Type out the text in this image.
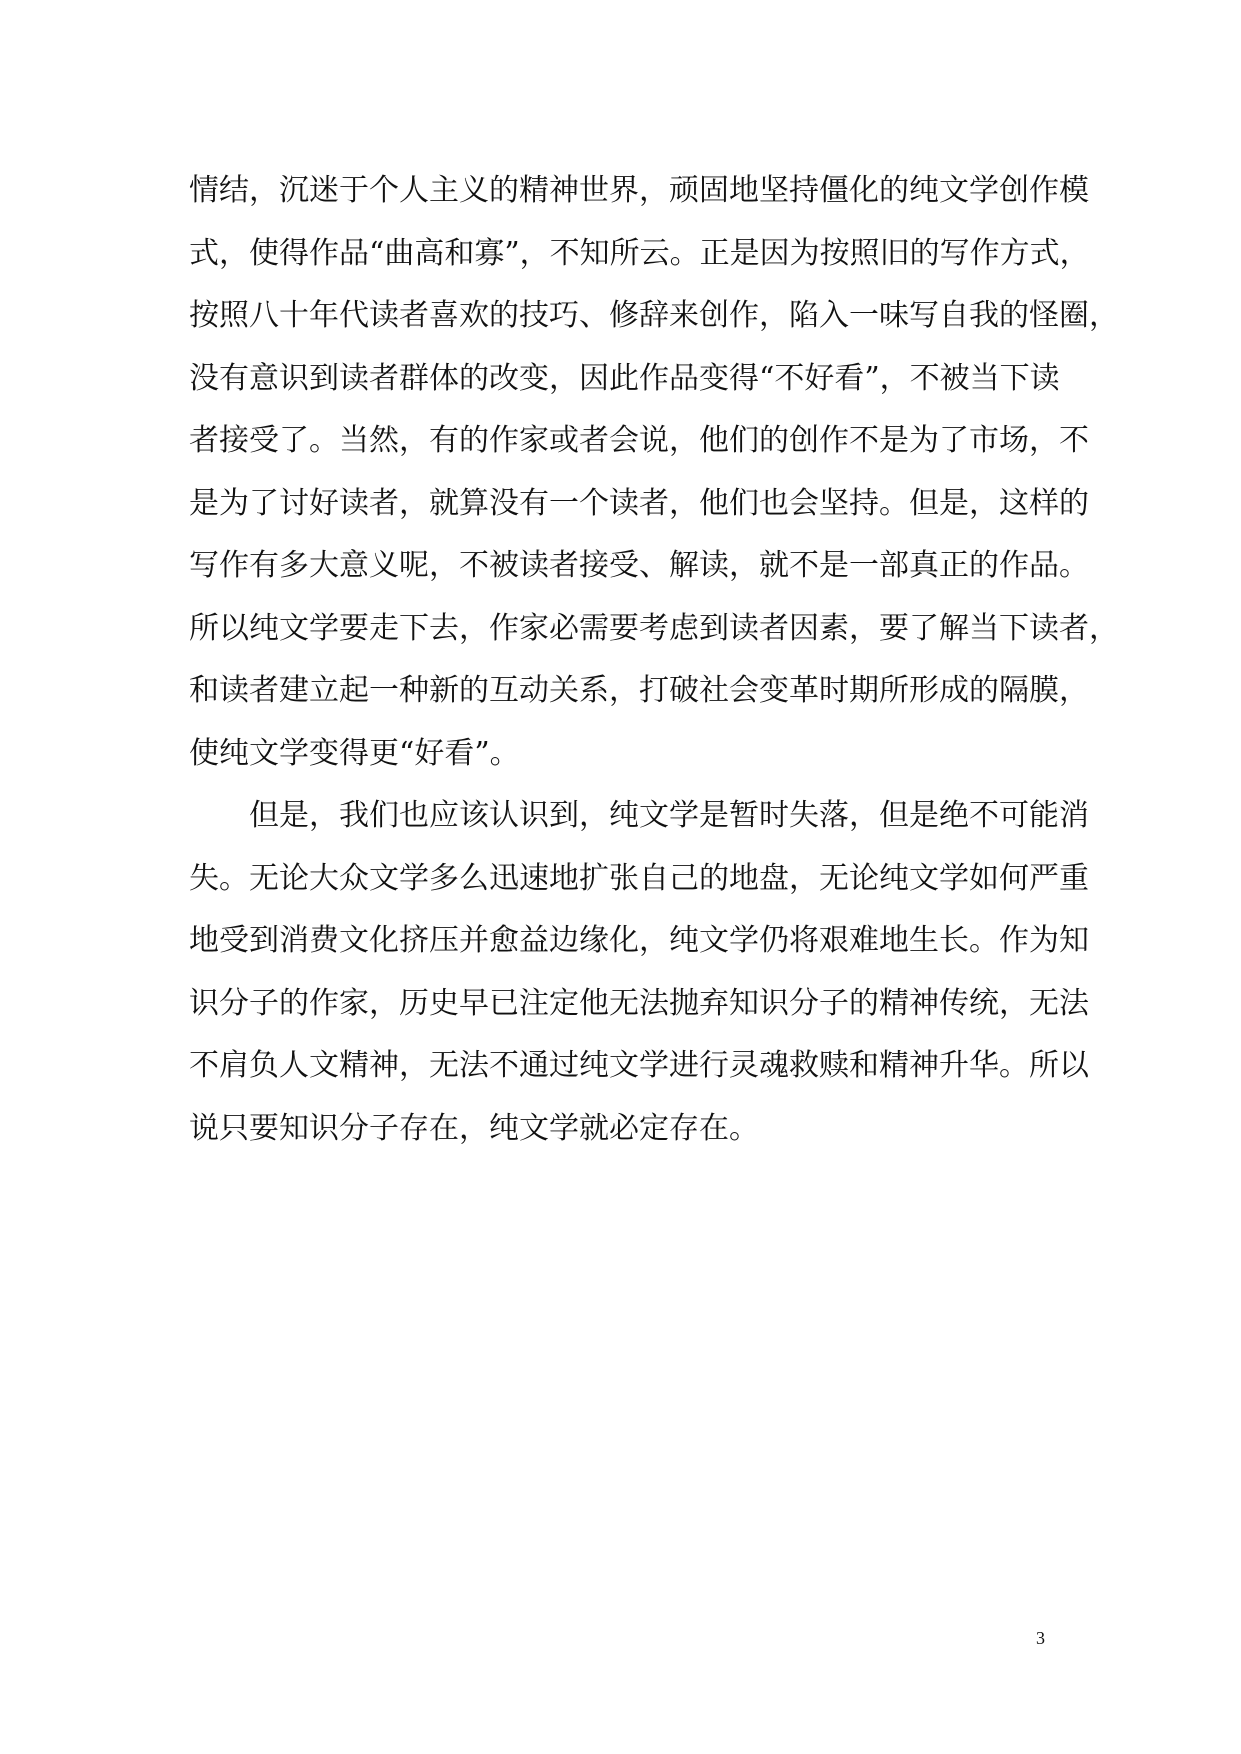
情结，沉迷于个人主义的精神世界，顽固地坚持僵化的纯文学创作模
式，使得作品“曲高和寡”，不知所云。正是因为按照旧的写作方式，
按照八十年代读者喜欢的技巧、修辞来创作，陷入一味写自我的怪圈，
没有意识到读者群体的改变，因此作品变得“不好看”，不被当下读
者接受了。当然，有的作家或者会说，他们的创作不是为了市场，不
是为了讨好读者，就算没有一个读者，他们也会坚持。但是，这样的
写作有多大意义呢，不被读者接受、解读，就不是一部真正的作品。
所以纯文学要走下去，作家必需要考虑到读者因素，要了解当下读者，
和读者建立起一种新的互动关系，打破社会变革时期所形成的隔膜，
使纯文学变得更“好看”。
但是，我们也应该认识到，纯文学是暂时失落，但是绝不可能消
失。无论大众文学多么迅速地扩张自己的地盘，无论纯文学如何严重
地受到消费文化挤压并愈益边缘化，纯文学仍将艰难地生长。作为知
识分子的作家，历史早已注定他无法抛弃知识分子的精神传统，无法
不肩负人文精神，无法不通过纯文学进行灵魂救赎和精神升华。所以
说只要知识分子存在，纯文学就必定存在。
3
